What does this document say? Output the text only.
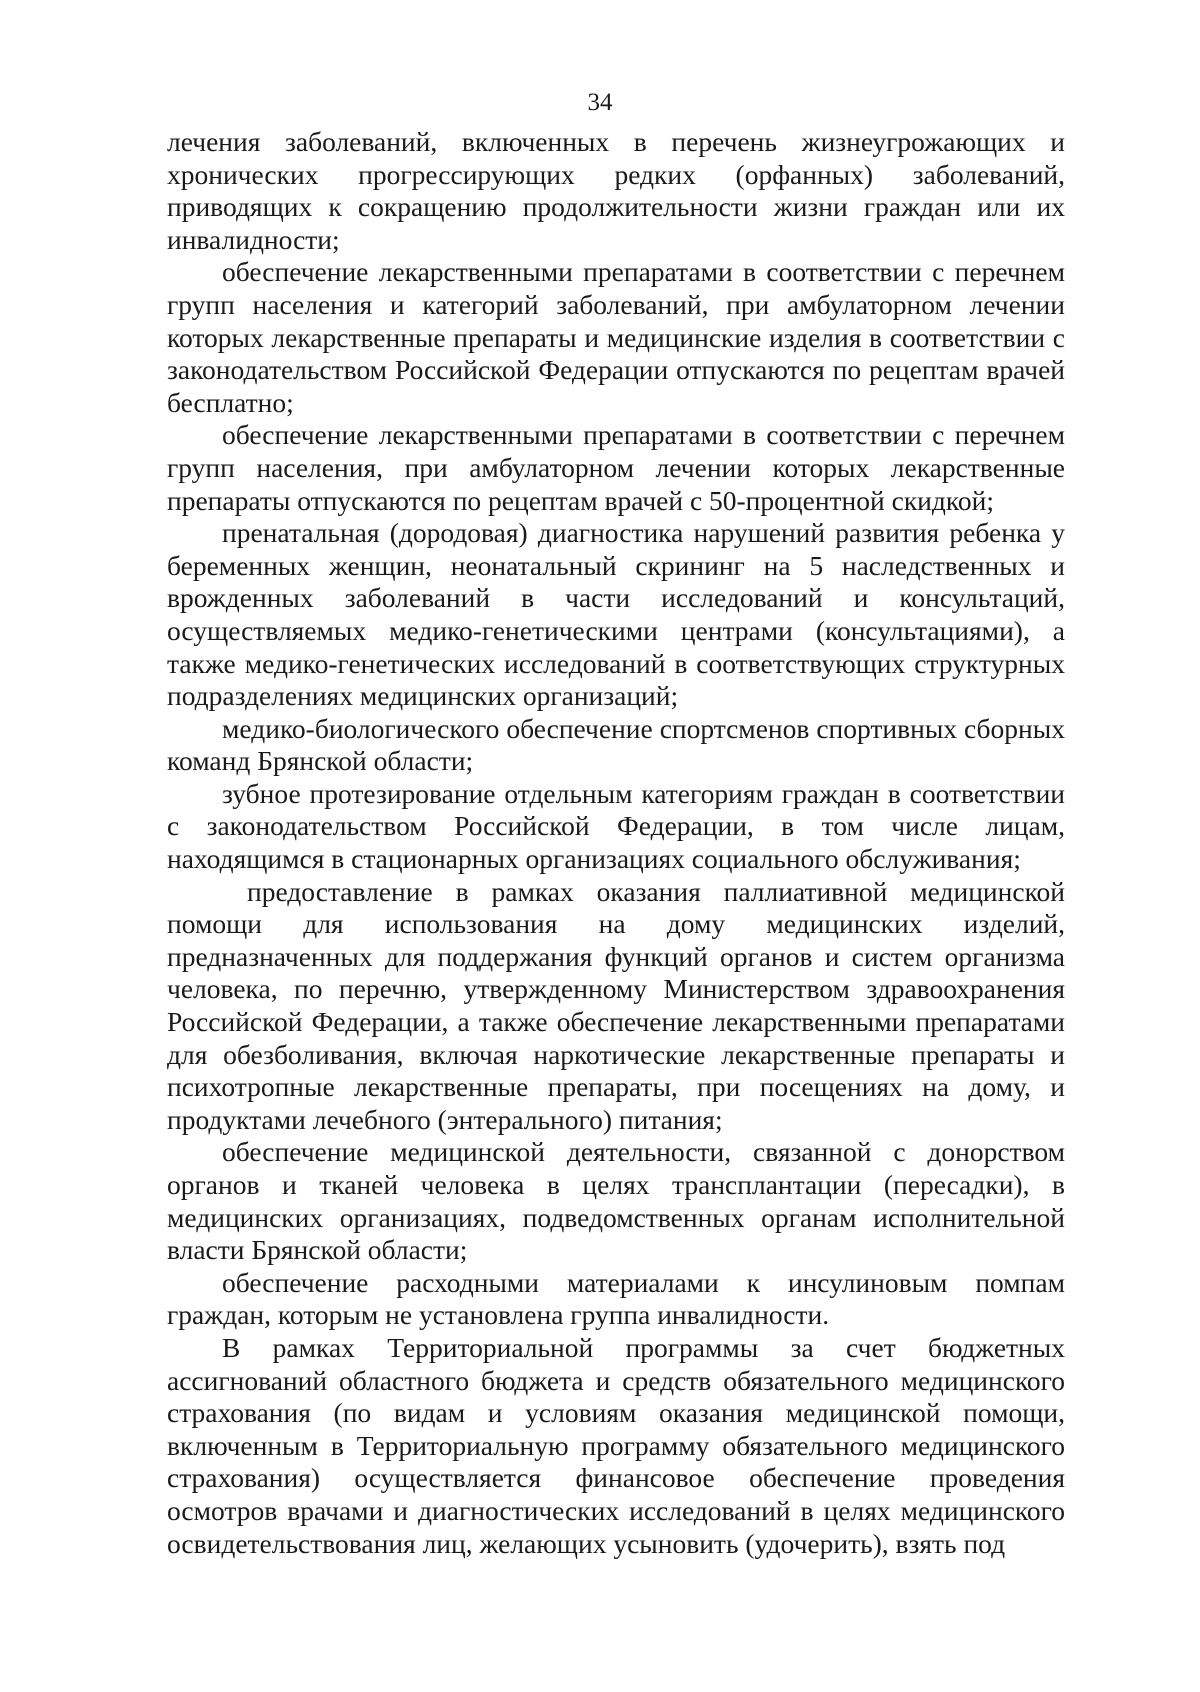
34

лечения заболеваний, включенных в перечень жизнеугрожающих и хронических прогрессирующих редких (орфанных) заболеваний, приводящих к сокращению продолжительности жизни граждан или их инвалидности;

обеспечение лекарственными препаратами в соответствии с перечнем групп населения и категорий заболеваний, при амбулаторном лечении которых лекарственные препараты и медицинские изделия в соответствии с законодательством Российской Федерации отпускаются по рецептам врачей бесплатно;

обеспечение лекарственными препаратами в соответствии с перечнем групп населения, при амбулаторном лечении которых лекарственные препараты отпускаются по рецептам врачей с 50-процентной скидкой;

пренатальная (дородовая) диагностика нарушений развития ребенка у беременных женщин, неонатальный скрининг на 5 наследственных и врожденных заболеваний в части исследований и консультаций, осуществляемых медико-генетическими центрами (консультациями), а также медико-генетических исследований в соответствующих структурных подразделениях медицинских организаций;

медико-биологического обеспечение спортсменов спортивных сборных команд Брянской области;

зубное протезирование отдельным категориям граждан в соответствии с законодательством Российской Федерации, в том числе лицам, находящимся в стационарных организациях социального обслуживания;

предоставление в рамках оказания паллиативной медицинской помощи для использования на дому медицинских изделий, предназначенных для поддержания функций органов и систем организма человека, по перечню, утвержденному Министерством здравоохранения Российской Федерации, а также обеспечение лекарственными препаратами для обезболивания, включая наркотические лекарственные препараты и психотропные лекарственные препараты, при посещениях на дому, и продуктами лечебного (энтерального) питания;

обеспечение медицинской деятельности, связанной с донорством органов и тканей человека в целях трансплантации (пересадки), в медицинских организациях, подведомственных органам исполнительной власти Брянской области;

обеспечение расходными материалами к инсулиновым помпам граждан, которым не установлена группа инвалидности.

В рамках Территориальной программы за счет бюджетных ассигнований областного бюджета и средств обязательного медицинского страхования (по видам и условиям оказания медицинской помощи, включенным в Территориальную программу обязательного медицинского страхования) осуществляется финансовое обеспечение проведения осмотров врачами и диагностических исследований в целях медицинского освидетельствования лиц, желающих усыновить (удочерить), взять под
